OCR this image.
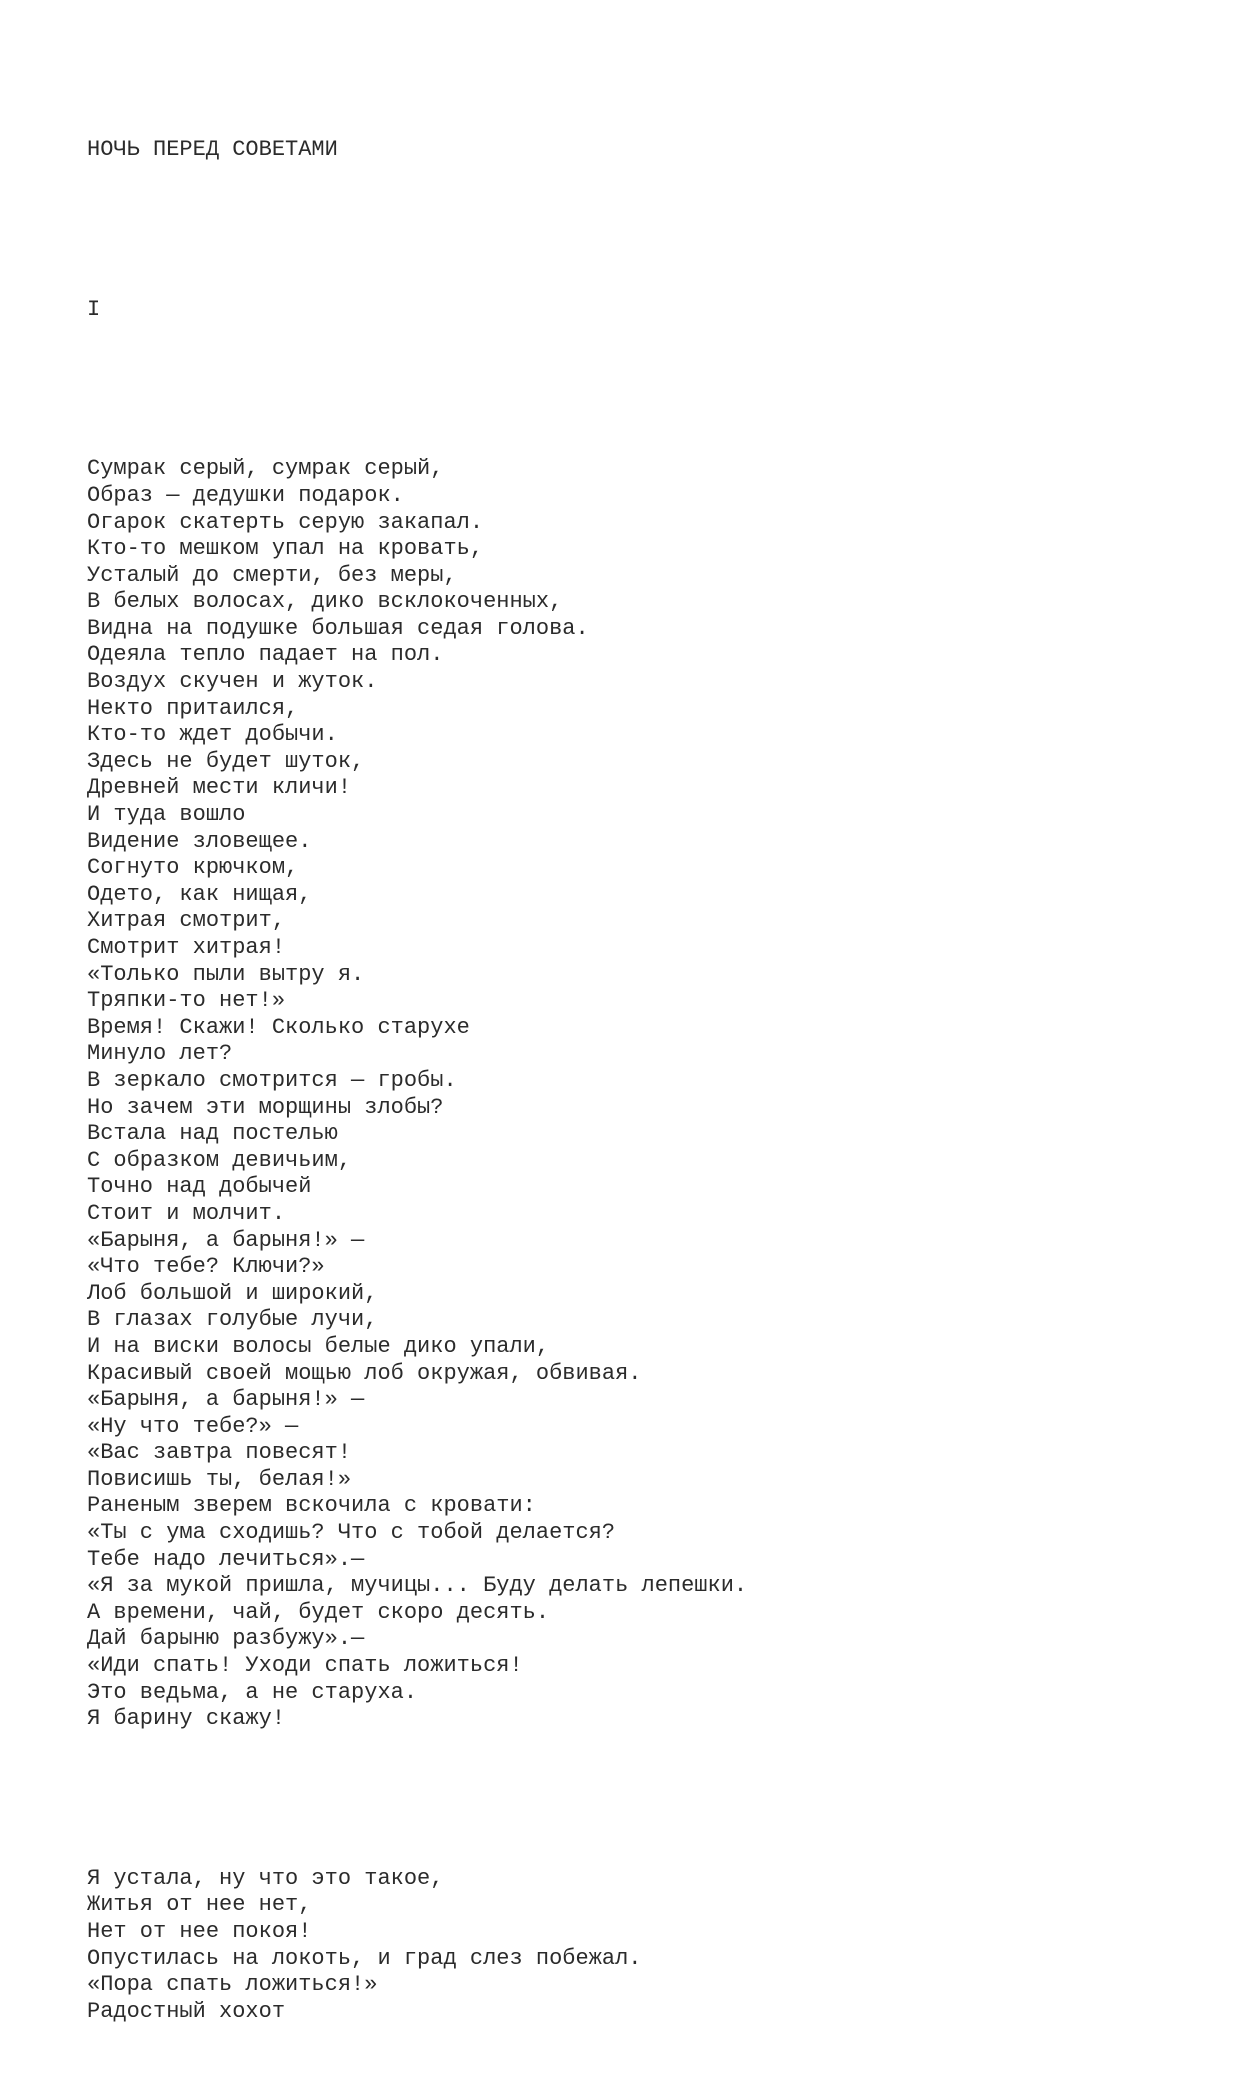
НОЧЬ ПЕРЕД СОВЕТАМИ

I

Сумрак серый, сумрак серый,
Образ — дедушки подарок.
Огарок скатерть серую закапал.
Кто-то мешком упал на кровать,
Усталый до смерти, без меры,
В белых волосах, дико всклокоченных,
Видна на подушке большая седая голова.
Одеяла тепло падает на пол.
Воздух скучен и жуток.
Некто притаился,
Кто-то ждет добычи.
Здесь не будет шуток,
Древней мести кличи!
И туда вошло
Видение зловещее.
Согнуто крючком,
Одето, как нищая,
Хитрая смотрит,
Смотрит хитрая!
«Только пыли вытру я.
Тряпки-то нет!»
Время! Скажи! Сколько старухе
Минуло лет?
В зеркало смотрится — гробы.
Но зачем эти морщины злобы?
Встала над постелью
С образком девичьим,
Точно над добычей
Стоит и молчит.
«Барыня, а барыня!» —
«Что тебе? Ключи?»
Лоб большой и широкий,
В глазах голубые лучи,
И на виски волосы белые дико упали,
Красивый своей мощью лоб окружая, обвивая.
«Барыня, а барыня!» —
«Ну что тебе?» —
«Вас завтра повесят!
Повисишь ты, белая!»
Раненым зверем вскочила с кровати:
«Ты с ума сходишь? Что с тобой делается?
Тебе надо лечиться».—
«Я за мукой пришла, мучицы... Буду делать лепешки.
А времени, чай, будет скоро десять.
Дай барыню разбужу».—
«Иди спать! Уходи спать ложиться!
Это ведьма, а не старуха.
Я барину скажу!

Я устала, ну что это такое,
Житья от нее нет,
Нет от нее покоя!
Опустилась на локоть, и град слез побежал.
«Пора спать ложиться!»
Радостный хохот
